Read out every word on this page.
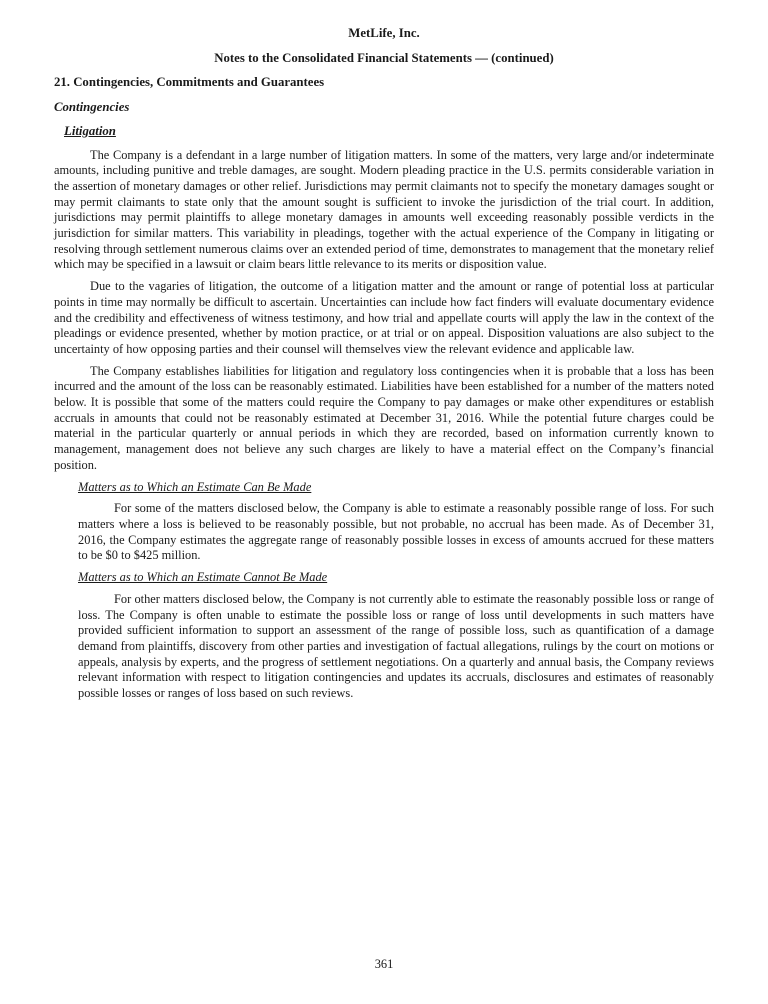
MetLife, Inc.
Notes to the Consolidated Financial Statements — (continued)
21. Contingencies, Commitments and Guarantees
Contingencies
Litigation

The Company is a defendant in a large number of litigation matters. In some of the matters, very large and/or indeterminate amounts, including punitive and treble damages, are sought. Modern pleading practice in the U.S. permits considerable variation in the assertion of monetary damages or other relief. Jurisdictions may permit claimants not to specify the monetary damages sought or may permit claimants to state only that the amount sought is sufficient to invoke the jurisdiction of the trial court. In addition, jurisdictions may permit plaintiffs to allege monetary damages in amounts well exceeding reasonably possible verdicts in the jurisdiction for similar matters. This variability in pleadings, together with the actual experience of the Company in litigating or resolving through settlement numerous claims over an extended period of time, demonstrates to management that the monetary relief which may be specified in a lawsuit or claim bears little relevance to its merits or disposition value.

Due to the vagaries of litigation, the outcome of a litigation matter and the amount or range of potential loss at particular points in time may normally be difficult to ascertain. Uncertainties can include how fact finders will evaluate documentary evidence and the credibility and effectiveness of witness testimony, and how trial and appellate courts will apply the law in the context of the pleadings or evidence presented, whether by motion practice, or at trial or on appeal. Disposition valuations are also subject to the uncertainty of how opposing parties and their counsel will themselves view the relevant evidence and applicable law.

The Company establishes liabilities for litigation and regulatory loss contingencies when it is probable that a loss has been incurred and the amount of the loss can be reasonably estimated. Liabilities have been established for a number of the matters noted below. It is possible that some of the matters could require the Company to pay damages or make other expenditures or establish accruals in amounts that could not be reasonably estimated at December 31, 2016. While the potential future charges could be material in the particular quarterly or annual periods in which they are recorded, based on information currently known to management, management does not believe any such charges are likely to have a material effect on the Company’s financial position.

Matters as to Which an Estimate Can Be Made

For some of the matters disclosed below, the Company is able to estimate a reasonably possible range of loss. For such matters where a loss is believed to be reasonably possible, but not probable, no accrual has been made. As of December 31, 2016, the Company estimates the aggregate range of reasonably possible losses in excess of amounts accrued for these matters to be $0 to $425 million.

Matters as to Which an Estimate Cannot Be Made

For other matters disclosed below, the Company is not currently able to estimate the reasonably possible loss or range of loss. The Company is often unable to estimate the possible loss or range of loss until developments in such matters have provided sufficient information to support an assessment of the range of possible loss, such as quantification of a damage demand from plaintiffs, discovery from other parties and investigation of factual allegations, rulings by the court on motions or appeals, analysis by experts, and the progress of settlement negotiations. On a quarterly and annual basis, the Company reviews relevant information with respect to litigation contingencies and updates its accruals, disclosures and estimates of reasonably possible losses or ranges of loss based on such reviews.

361
